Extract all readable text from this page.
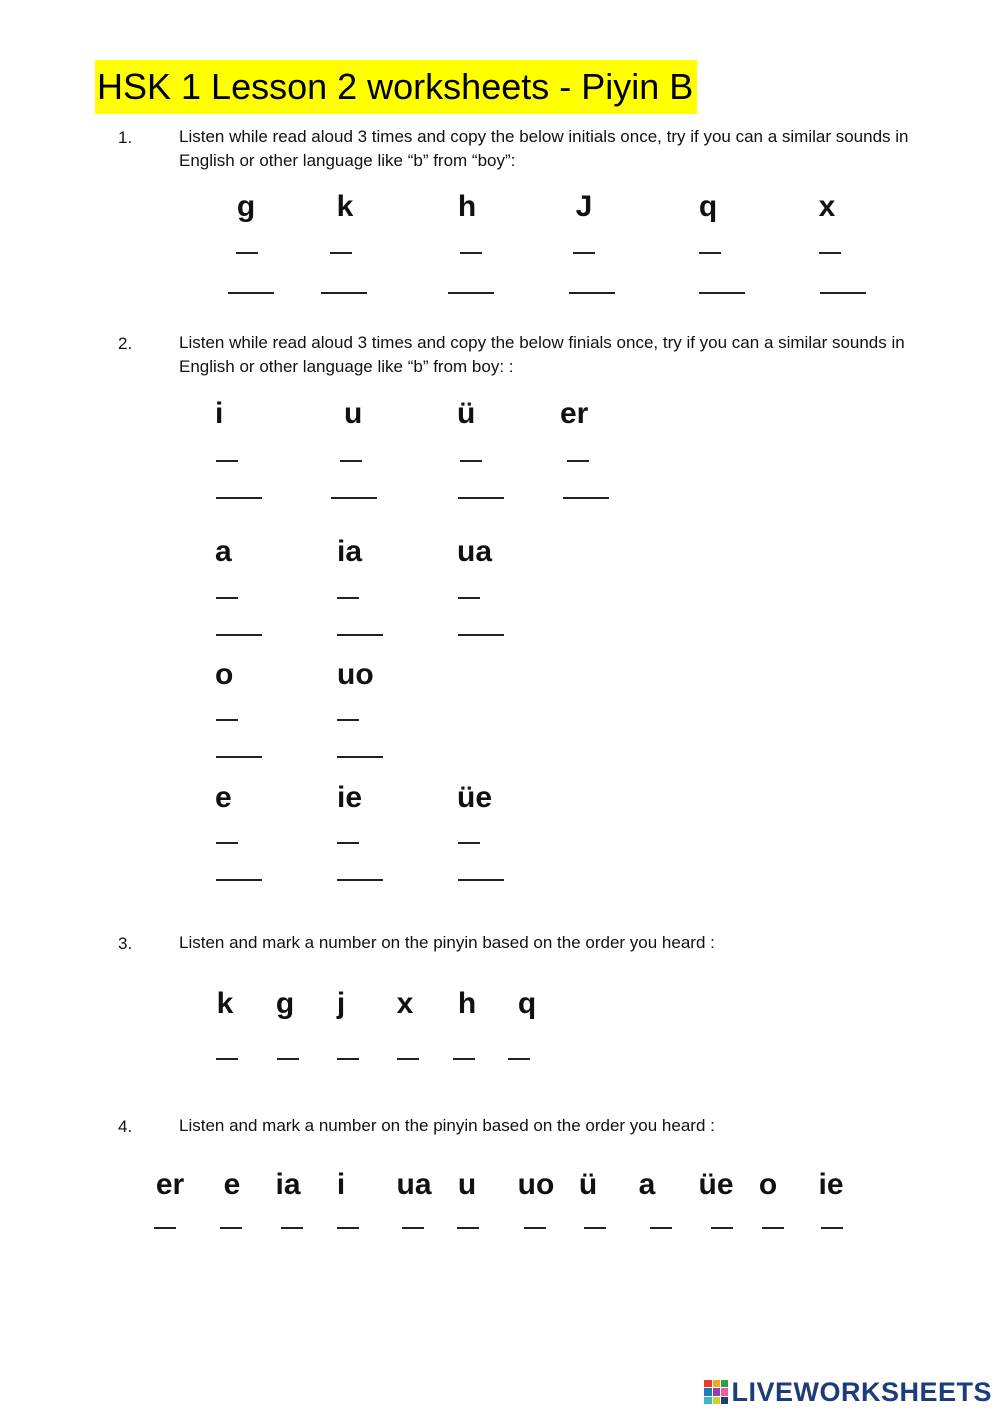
HSK 1 Lesson 2 worksheets - Piyin B
1.	Listen while read aloud 3 times and copy the below initials once, try if you can a similar sounds in English or other language like “b” from “boy”:
g	k	h	J	q	x
2.	Listen while read aloud 3 times and copy the below finials once, try if you can a similar sounds in English or other language like “b” from boy: :
i	u	ü	er
a	ia	ua
o	uo
e	ie	üe
3.	Listen and mark a number on the pinyin based on the order you heard :
k g j x h q
4.	Listen and mark a number on the pinyin based on the order you heard :
er e ia i ua u uo ü a üe o ie
LIVEWORKSHEETS
